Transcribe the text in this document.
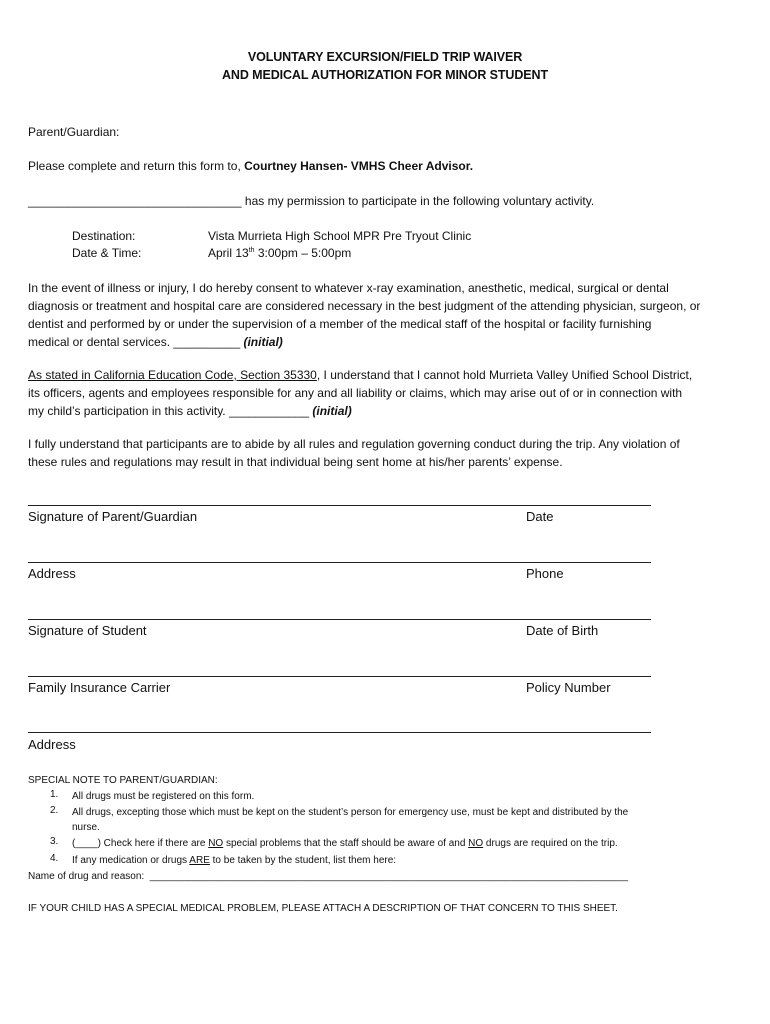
VOLUNTARY EXCURSION/FIELD TRIP WAIVER
AND MEDICAL AUTHORIZATION FOR MINOR STUDENT
Parent/Guardian:
Please complete and return this form to, Courtney Hansen- VMHS Cheer Advisor.
________________________________ has my permission to participate in the following voluntary activity.
Destination:	Vista Murrieta High School MPR Pre Tryout Clinic
Date & Time:	April 13th 3:00pm – 5:00pm
In the event of illness or injury, I do hereby consent to whatever x-ray examination, anesthetic, medical, surgical or dental
diagnosis or treatment and hospital care are considered necessary in the best judgment of the attending physician, surgeon, or
dentist and performed by or under the supervision of a member of the medical staff of the hospital or facility furnishing
medical or dental services. __________ (initial)
As stated in California Education Code, Section 35330, I understand that I cannot hold Murrieta Valley Unified School District,
its officers, agents and employees responsible for any and all liability or claims, which may arise out of or in connection with
my child’s participation in this activity. ____________ (initial)
I fully understand that participants are to abide by all rules and regulation governing conduct during the trip. Any violation of
these rules and regulations may result in that individual being sent home at his/her parents’ expense.
Signature of Parent/Guardian	Date
Address	Phone
Signature of Student	Date of Birth
Family Insurance Carrier	Policy Number
Address
SPECIAL NOTE TO PARENT/GUARDIAN:
1. All drugs must be registered on this form.
2. All drugs, excepting those which must be kept on the student’s person for emergency use, must be kept and distributed by the
nurse.
3. (____) Check here if there are NO special problems that the staff should be aware of and NO drugs are required on the trip.
4. If any medication or drugs ARE to be taken by the student, list them here:
Name of drug and reason:  ______________________________________________________________________________________
IF YOUR CHILD HAS A SPECIAL MEDICAL PROBLEM, PLEASE ATTACH A DESCRIPTION OF THAT CONCERN TO THIS SHEET.
